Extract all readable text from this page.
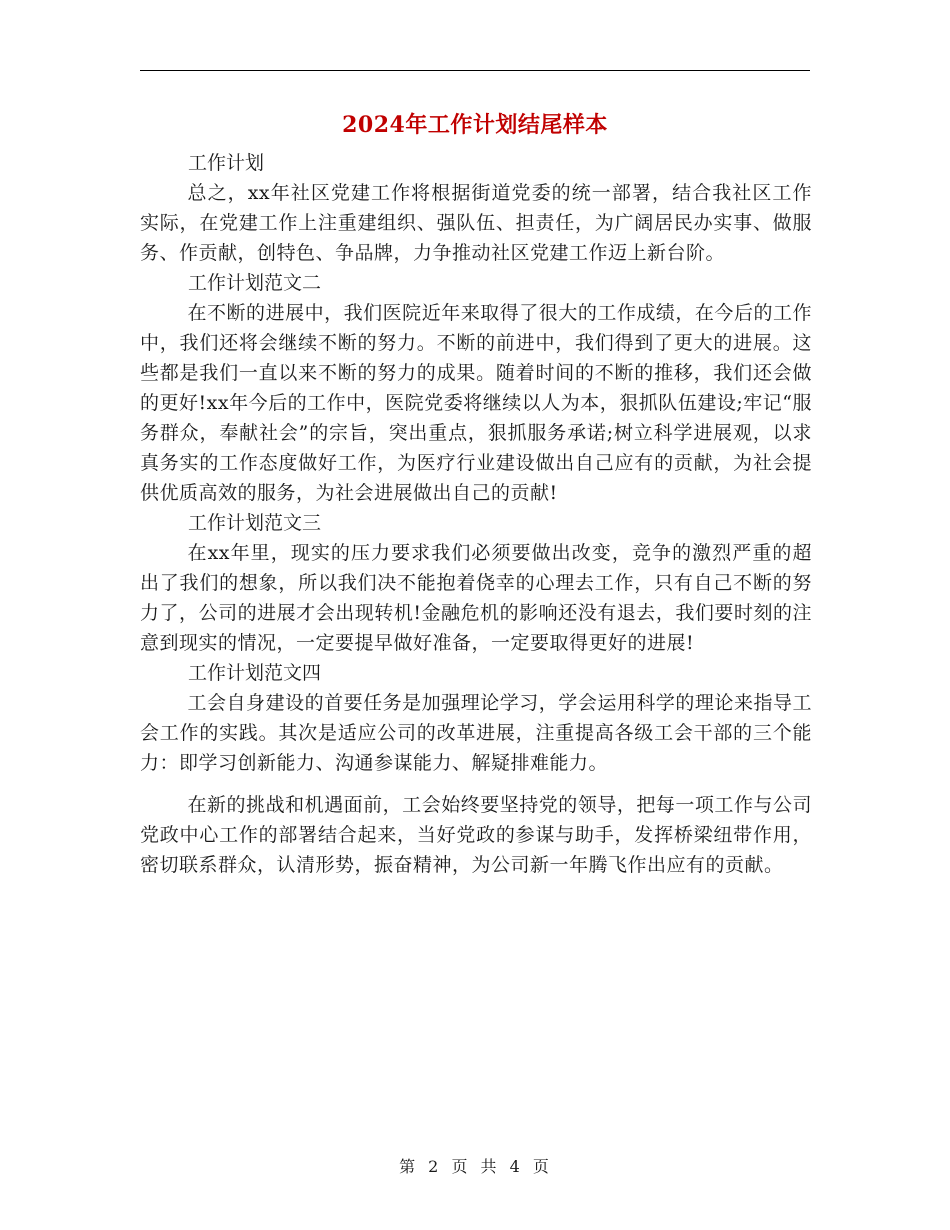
2024年工作计划结尾样本

工作计划

总之，xx年社区党建工作将根据街道党委的统一部署，结合我社区工作实际，在党建工作上注重建组织、强队伍、担责任，为广阔居民办实事、做服务、作贡献，创特色、争品牌，力争推动社区党建工作迈上新台阶。

工作计划范文二

在不断的进展中，我们医院近年来取得了很大的工作成绩，在今后的工作中，我们还将会继续不断的努力。不断的前进中，我们得到了更大的进展。这些都是我们一直以来不断的努力的成果。随着时间的不断的推移，我们还会做的更好!xx年今后的工作中，医院党委将继续以人为本，狠抓队伍建设;牢记“服务群众，奉献社会”的宗旨，突出重点，狠抓服务承诺;树立科学进展观，以求真务实的工作态度做好工作，为医疗行业建设做出自己应有的贡献，为社会提供优质高效的服务，为社会进展做出自己的贡献!

工作计划范文三

在xx年里，现实的压力要求我们必须要做出改变，竞争的激烈严重的超出了我们的想象，所以我们决不能抱着侥幸的心理去工作，只有自己不断的努力了，公司的进展才会出现转机!金融危机的影响还没有退去，我们要时刻的注意到现实的情况，一定要提早做好准备，一定要取得更好的进展!

工作计划范文四

工会自身建设的首要任务是加强理论学习，学会运用科学的理论来指导工会工作的实践。其次是适应公司的改革进展，注重提高各级工会干部的三个能力：即学习创新能力、沟通参谋能力、解疑排难能力。

在新的挑战和机遇面前，工会始终要坚持党的领导，把每一项工作与公司党政中心工作的部署结合起来，当好党政的参谋与助手，发挥桥梁纽带作用，密切联系群众，认清形势，振奋精神，为公司新一年腾飞作出应有的贡献。

第 2 页 共 4 页
